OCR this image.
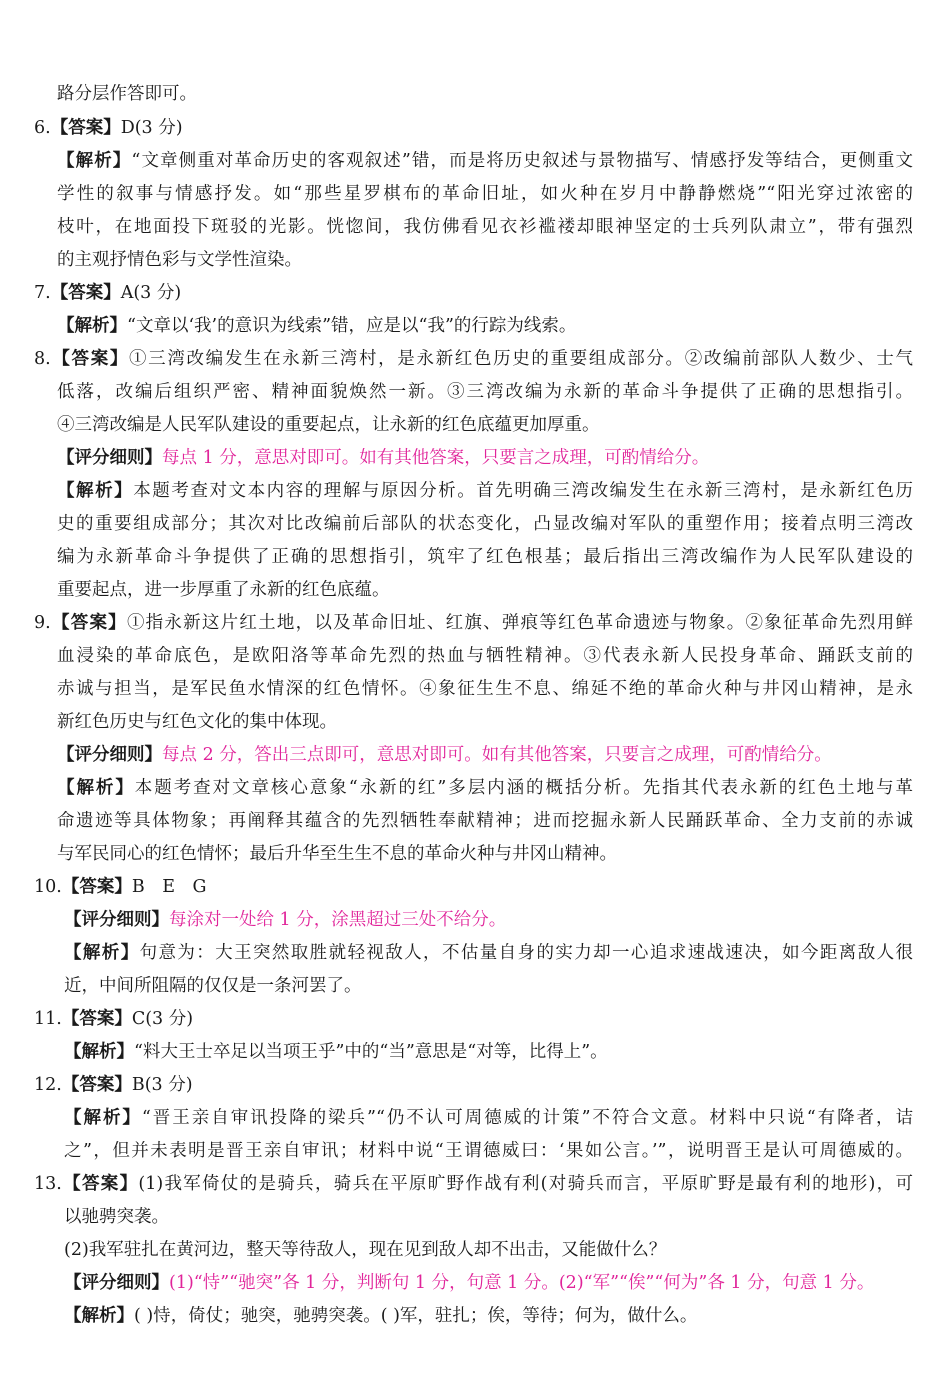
路分层作答即可。
6.【答案】D(3 分)
【解析】“文章侧重对革命历史的客观叙述”错，而是将历史叙述与景物描写、情感抒发等结合，更侧重文
学性的叙事与情感抒发。如“那些星罗棋布的革命旧址，如火种在岁月中静静燃烧”“阳光穿过浓密的
枝叶，在地面投下斑驳的光影。恍惚间，我仿佛看见衣衫褴褛却眼神坚定的士兵列队肃立”，带有强烈
的主观抒情色彩与文学性渲染。
7.【答案】A(3 分)
【解析】“文章以‘我’的意识为线索”错，应是以“我”的行踪为线索。
8.【答案】①三湾改编发生在永新三湾村，是永新红色历史的重要组成部分。②改编前部队人数少、士气
低落，改编后组织严密、精神面貌焕然一新。③三湾改编为永新的革命斗争提供了正确的思想指引。
④三湾改编是人民军队建设的重要起点，让永新的红色底蕴更加厚重。
【评分细则】每点 1 分，意思对即可。如有其他答案，只要言之成理，可酌情给分。
【解析】本题考查对文本内容的理解与原因分析。首先明确三湾改编发生在永新三湾村，是永新红色历
史的重要组成部分；其次对比改编前后部队的状态变化，凸显改编对军队的重塑作用；接着点明三湾改
编为永新革命斗争提供了正确的思想指引，筑牢了红色根基；最后指出三湾改编作为人民军队建设的
重要起点，进一步厚重了永新的红色底蕴。
9.【答案】①指永新这片红土地，以及革命旧址、红旗、弹痕等红色革命遗迹与物象。②象征革命先烈用鲜
血浸染的革命底色，是欧阳洛等革命先烈的热血与牺牲精神。③代表永新人民投身革命、踊跃支前的
赤诚与担当，是军民鱼水情深的红色情怀。④象征生生不息、绵延不绝的革命火种与井冈山精神，是永
新红色历史与红色文化的集中体现。
【评分细则】每点 2 分，答出三点即可，意思对即可。如有其他答案，只要言之成理，可酌情给分。
【解析】本题考查对文章核心意象“永新的红”多层内涵的概括分析。先指其代表永新的红色土地与革
命遗迹等具体物象；再阐释其蕴含的先烈牺牲奉献精神；进而挖掘永新人民踊跃革命、全力支前的赤诚
与军民同心的红色情怀；最后升华至生生不息的革命火种与井冈山精神。
10.【答案】B　E　G
【评分细则】每涂对一处给 1 分，涂黑超过三处不给分。
【解析】句意为：大王突然取胜就轻视敌人，不估量自身的实力却一心追求速战速决，如今距离敌人很
近，中间所阻隔的仅仅是一条河罢了。
11.【答案】C(3 分)
【解析】“料大王士卒足以当项王乎”中的“当”意思是“对等，比得上”。
12.【答案】B(3 分)
【解析】“晋王亲自审讯投降的梁兵”“仍不认可周德威的计策”不符合文意。材料中只说“有降者，诘
之”，但并未表明是晋王亲自审讯；材料中说“王谓德威曰：‘果如公言。’”，说明晋王是认可周德威的。
13.【答案】(1)我军倚仗的是骑兵，骑兵在平原旷野作战有利(对骑兵而言，平原旷野是最有利的地形)，可
以驰骋突袭。
(2)我军驻扎在黄河边，整天等待敌人，现在见到敌人却不出击，又能做什么？
【评分细则】(1)“恃”“驰突”各 1 分，判断句 1 分，句意 1 分。(2)“军”“俟”“何为”各 1 分，句意 1 分。
【解析】( )恃，倚仗；驰突，驰骋突袭。( )军，驻扎；俟，等待；何为，做什么。
